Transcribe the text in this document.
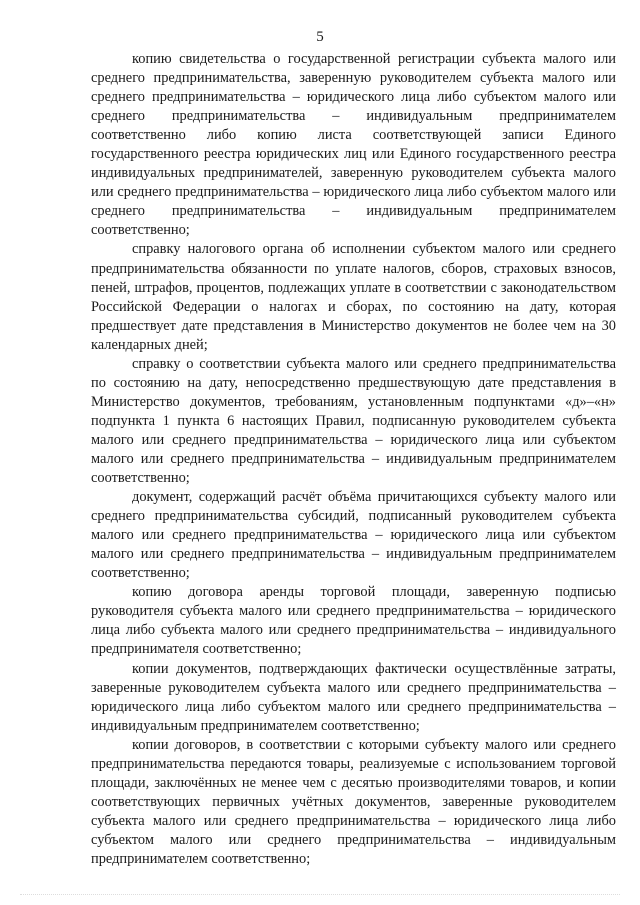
5

копию свидетельства о государственной регистрации субъекта малого или среднего предпринимательства, заверенную руководителем субъекта малого или среднего предпринимательства – юридического лица либо субъектом малого или среднего предпринимательства – индивидуальным предпринимателем соответственно либо копию листа соответствующей записи Единого государственного реестра юридических лиц или Единого государственного реестра индивидуальных предпринимателей, заверенную руководителем субъекта малого или среднего предпринимательства – юридического лица либо субъектом малого или среднего предпринимательства – индивидуальным предпринимателем соответственно;

справку налогового органа об исполнении субъектом малого или среднего предпринимательства обязанности по уплате налогов, сборов, страховых взносов, пеней, штрафов, процентов, подлежащих уплате в соответствии с законодательством Российской Федерации о налогах и сборах, по состоянию на дату, которая предшествует дате представления в Министерство документов не более чем на 30 календарных дней;

справку о соответствии субъекта малого или среднего предпринимательства по состоянию на дату, непосредственно предшествующую дате представления в Министерство документов, требованиям, установленным подпунктами «д»–«н» подпункта 1 пункта 6 настоящих Правил, подписанную руководителем субъекта малого или среднего предпринимательства – юридического лица или субъектом малого или среднего предпринимательства – индивидуальным предпринимателем соответственно;

документ, содержащий расчёт объёма причитающихся субъекту малого или среднего предпринимательства субсидий, подписанный руководителем субъекта малого или среднего предпринимательства – юридического лица или субъектом малого или среднего предпринимательства – индивидуальным предпринимателем соответственно;

копию договора аренды торговой площади, заверенную подписью руководителя субъекта малого или среднего предпринимательства – юридического лица либо субъекта малого или среднего предпринимательства – индивидуального предпринимателя соответственно;

копии документов, подтверждающих фактически осуществлённые затраты, заверенные руководителем субъекта малого или среднего предпринимательства – юридического лица либо субъектом малого или среднего предпринимательства – индивидуальным предпринимателем соответственно;

копии договоров, в соответствии с которыми субъекту малого или среднего предпринимательства передаются товары, реализуемые с использованием торговой площади, заключённых не менее чем с десятью производителями товаров, и копии соответствующих первичных учётных документов, заверенные руководителем субъекта малого или среднего предпринимательства – юридического лица либо субъектом малого или среднего предпринимательства – индивидуальным предпринимателем соответственно;
